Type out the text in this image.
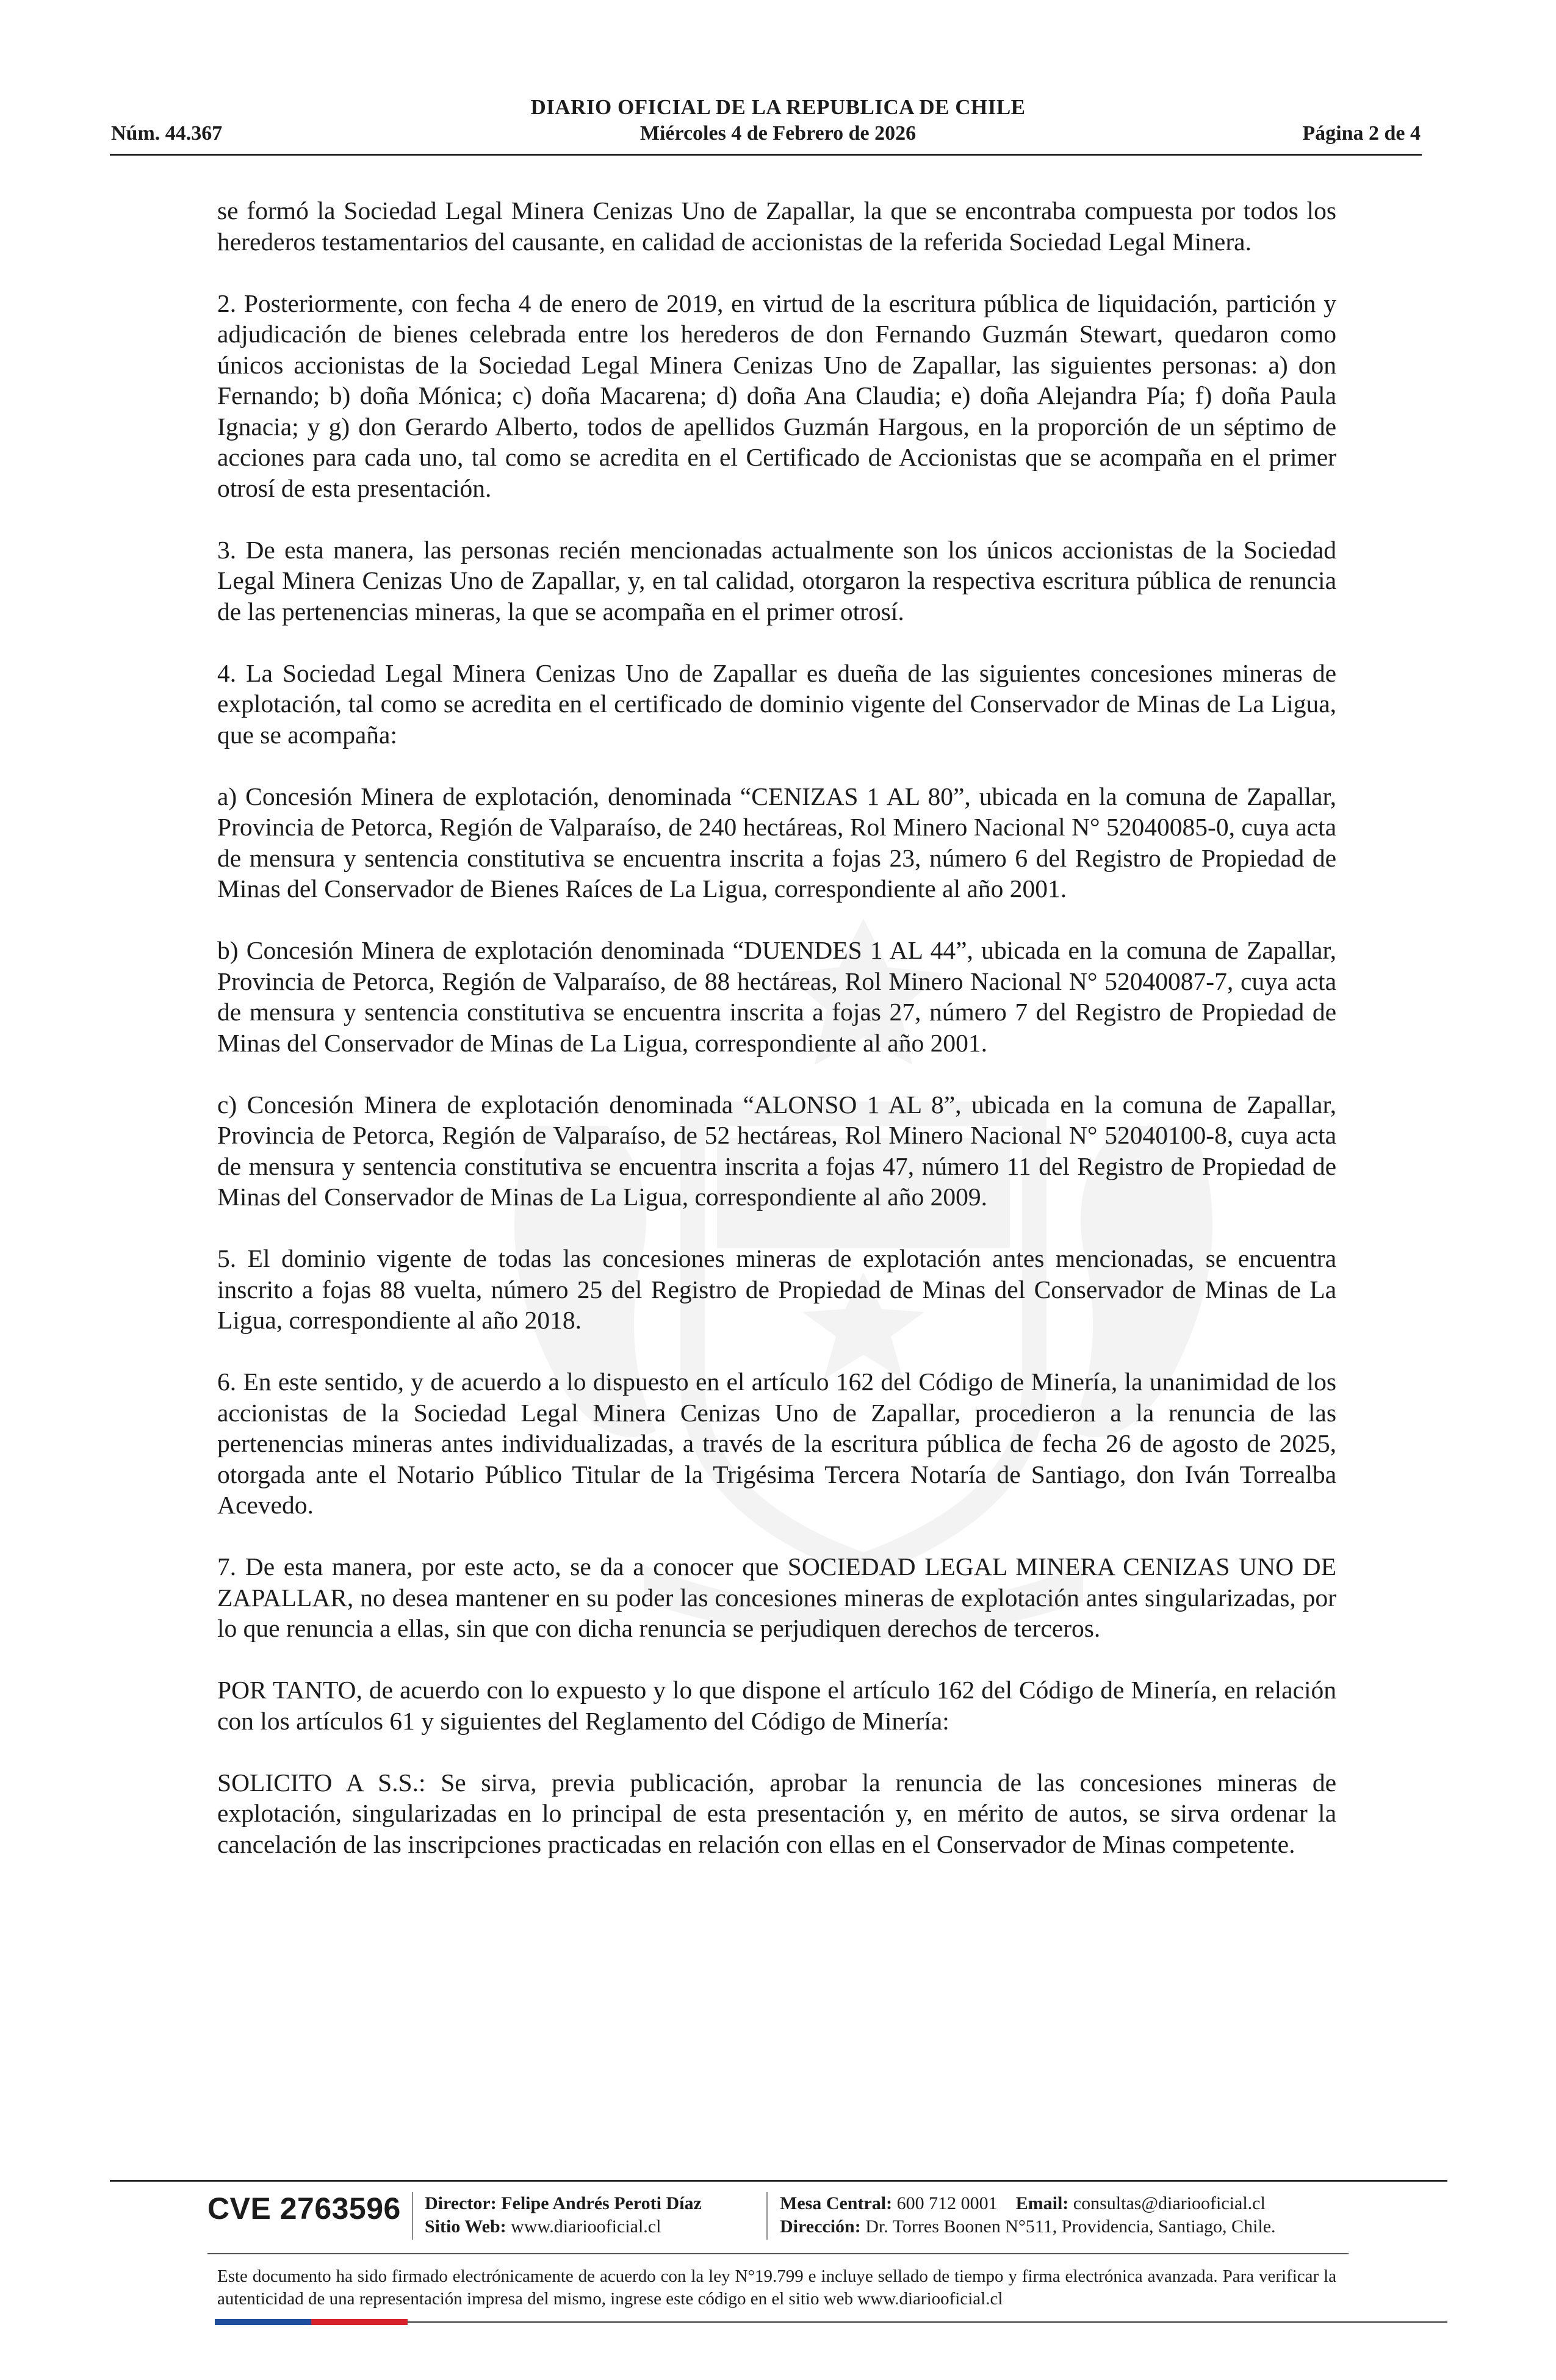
DIARIO OFICIAL DE LA REPUBLICA DE CHILE
Núm. 44.367	Miércoles 4 de Febrero de 2026	Página 2 de 4

se formó la Sociedad Legal Minera Cenizas Uno de Zapallar, la que se encontraba compuesta por todos los herederos testamentarios del causante, en calidad de accionistas de la referida Sociedad Legal Minera.

2. Posteriormente, con fecha 4 de enero de 2019, en virtud de la escritura pública de liquidación, partición y adjudicación de bienes celebrada entre los herederos de don Fernando Guzmán Stewart, quedaron como únicos accionistas de la Sociedad Legal Minera Cenizas Uno de Zapallar, las siguientes personas: a) don Fernando; b) doña Mónica; c) doña Macarena; d) doña Ana Claudia; e) doña Alejandra Pía; f) doña Paula Ignacia; y g) don Gerardo Alberto, todos de apellidos Guzmán Hargous, en la proporción de un séptimo de acciones para cada uno, tal como se acredita en el Certificado de Accionistas que se acompaña en el primer otrosí de esta presentación.

3. De esta manera, las personas recién mencionadas actualmente son los únicos accionistas de la Sociedad Legal Minera Cenizas Uno de Zapallar, y, en tal calidad, otorgaron la respectiva escritura pública de renuncia de las pertenencias mineras, la que se acompaña en el primer otrosí.

4. La Sociedad Legal Minera Cenizas Uno de Zapallar es dueña de las siguientes concesiones mineras de explotación, tal como se acredita en el certificado de dominio vigente del Conservador de Minas de La Ligua, que se acompaña:

a) Concesión Minera de explotación, denominada “CENIZAS 1 AL 80”, ubicada en la comuna de Zapallar, Provincia de Petorca, Región de Valparaíso, de 240 hectáreas, Rol Minero Nacional N° 52040085-0, cuya acta de mensura y sentencia constitutiva se encuentra inscrita a fojas 23, número 6 del Registro de Propiedad de Minas del Conservador de Bienes Raíces de La Ligua, correspondiente al año 2001.

b) Concesión Minera de explotación denominada “DUENDES 1 AL 44”, ubicada en la comuna de Zapallar, Provincia de Petorca, Región de Valparaíso, de 88 hectáreas, Rol Minero Nacional N° 52040087-7, cuya acta de mensura y sentencia constitutiva se encuentra inscrita a fojas 27, número 7 del Registro de Propiedad de Minas del Conservador de Minas de La Ligua, correspondiente al año 2001.

c) Concesión Minera de explotación denominada “ALONSO 1 AL 8”, ubicada en la comuna de Zapallar, Provincia de Petorca, Región de Valparaíso, de 52 hectáreas, Rol Minero Nacional N° 52040100-8, cuya acta de mensura y sentencia constitutiva se encuentra inscrita a fojas 47, número 11 del Registro de Propiedad de Minas del Conservador de Minas de La Ligua, correspondiente al año 2009.

5. El dominio vigente de todas las concesiones mineras de explotación antes mencionadas, se encuentra inscrito a fojas 88 vuelta, número 25 del Registro de Propiedad de Minas del Conservador de Minas de La Ligua, correspondiente al año 2018.

6. En este sentido, y de acuerdo a lo dispuesto en el artículo 162 del Código de Minería, la unanimidad de los accionistas de la Sociedad Legal Minera Cenizas Uno de Zapallar, procedieron a la renuncia de las pertenencias mineras antes individualizadas, a través de la escritura pública de fecha 26 de agosto de 2025, otorgada ante el Notario Público Titular de la Trigésima Tercera Notaría de Santiago, don Iván Torrealba Acevedo.

7. De esta manera, por este acto, se da a conocer que SOCIEDAD LEGAL MINERA CENIZAS UNO DE ZAPALLAR, no desea mantener en su poder las concesiones mineras de explotación antes singularizadas, por lo que renuncia a ellas, sin que con dicha renuncia se perjudiquen derechos de terceros.

POR TANTO, de acuerdo con lo expuesto y lo que dispone el artículo 162 del Código de Minería, en relación con los artículos 61 y siguientes del Reglamento del Código de Minería:

SOLICITO A S.S.: Se sirva, previa publicación, aprobar la renuncia de las concesiones mineras de explotación, singularizadas en lo principal de esta presentación y, en mérito de autos, se sirva ordenar la cancelación de las inscripciones practicadas en relación con ellas en el Conservador de Minas competente.

CVE 2763596 Director: Felipe Andrés Peroti Díaz
Sitio Web: www.diariooficial.cl
Mesa Central: 600 712 0001 Email: consultas@diariooficial.cl
Dirección: Dr. Torres Boonen N°511, Providencia, Santiago, Chile.
Este documento ha sido firmado electrónicamente de acuerdo con la ley N°19.799 e incluye sellado de tiempo y firma electrónica avanzada. Para verificar la autenticidad de una representación impresa del mismo, ingrese este código en el sitio web www.diariooficial.cl
